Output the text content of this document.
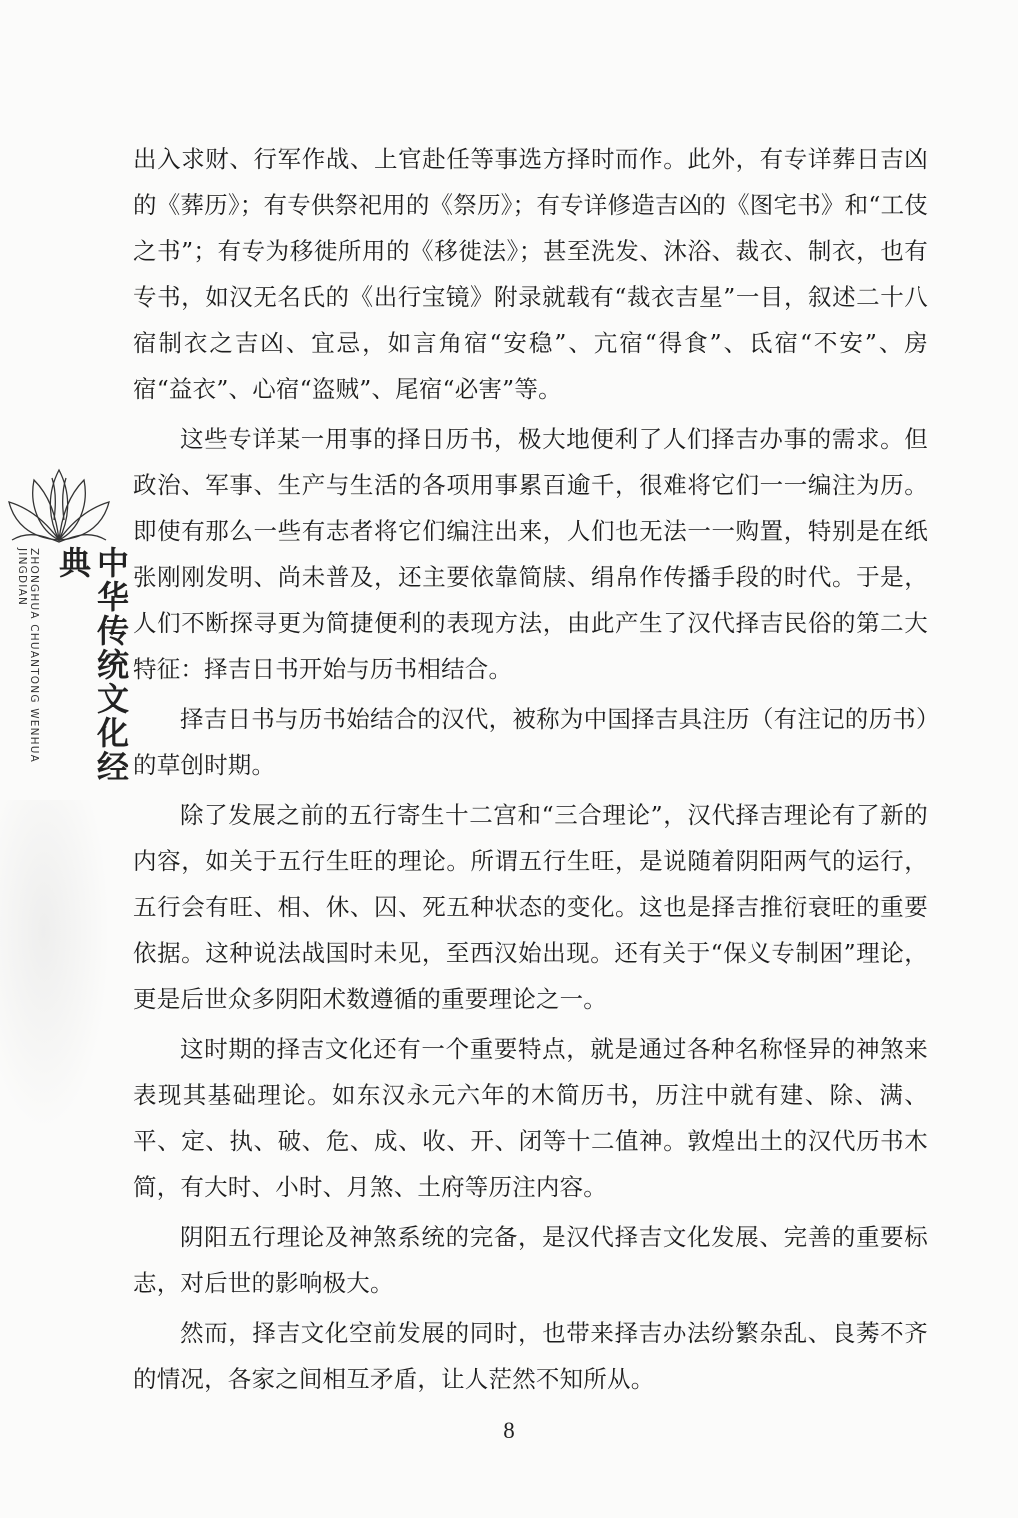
ZHONGHUA CHUANTONG WENHUA JINGDIAN	中华传统文化经典

出入求财、行军作战、上官赴任等事选方择时而作。此外，有专详葬日吉凶的《葬历》；有专供祭祀用的《祭历》；有专详修造吉凶的《图宅书》和“工伎之书”；有专为移徙所用的《移徙法》；甚至洗发、沐浴、裁衣、制衣，也有专书，如汉无名氏的《出行宝镜》附录就载有“裁衣吉星”一目，叙述二十八宿制衣之吉凶、宜忌，如言角宿“安稳”、亢宿“得食”、氐宿“不安”、房宿“益衣”、心宿“盗贼”、尾宿“必害”等。

这些专详某一用事的择日历书，极大地便利了人们择吉办事的需求。但政治、军事、生产与生活的各项用事累百逾千，很难将它们一一编注为历。即使有那么一些有志者将它们编注出来，人们也无法一一购置，特别是在纸张刚刚发明、尚未普及，还主要依靠简牍、绢帛作传播手段的时代。于是，人们不断探寻更为简捷便利的表现方法，由此产生了汉代择吉民俗的第二大特征：择吉日书开始与历书相结合。

择吉日书与历书始结合的汉代，被称为中国择吉具注历（有注记的历书）的草创时期。

除了发展之前的五行寄生十二宫和“三合理论”，汉代择吉理论有了新的内容，如关于五行生旺的理论。所谓五行生旺，是说随着阴阳两气的运行，五行会有旺、相、休、囚、死五种状态的变化。这也是择吉推衍衰旺的重要依据。这种说法战国时未见，至西汉始出现。还有关于“保义专制困”理论，更是后世众多阴阳术数遵循的重要理论之一。

这时期的择吉文化还有一个重要特点，就是通过各种名称怪异的神煞来表现其基础理论。如东汉永元六年的木简历书，历注中就有建、除、满、平、定、执、破、危、成、收、开、闭等十二值神。敦煌出土的汉代历书木简，有大时、小时、月煞、土府等历注内容。

阴阳五行理论及神煞系统的完备，是汉代择吉文化发展、完善的重要标志，对后世的影响极大。

然而，择吉文化空前发展的同时，也带来择吉办法纷繁杂乱、良莠不齐的情况，各家之间相互矛盾，让人茫然不知所从。

8
